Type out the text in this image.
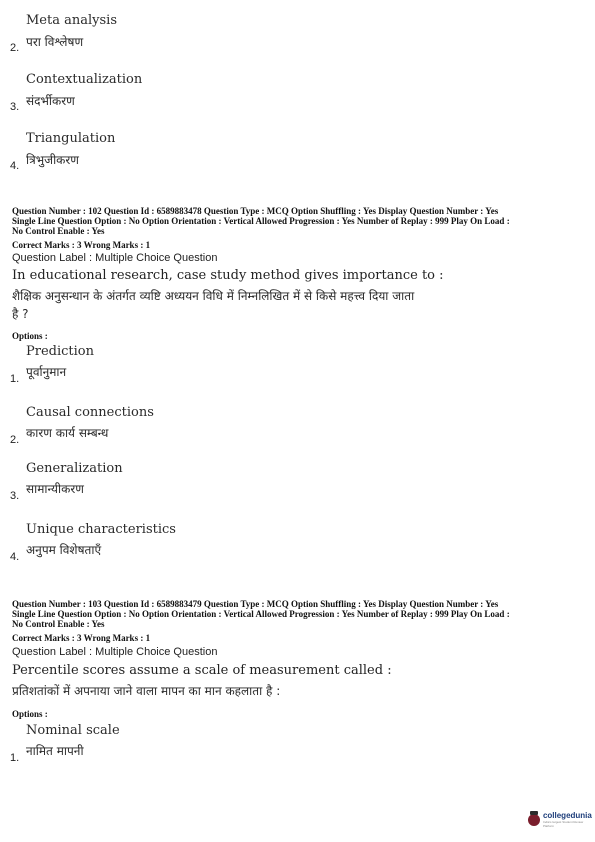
Meta analysis
2. परा विश्लेषण
Contextualization
3. संदर्भीकरण
Triangulation
4. त्रिभुजीकरण
Question Number : 102 Question Id : 6589883478 Question Type : MCQ Option Shuffling : Yes Display Question Number : Yes
Single Line Question Option : No Option Orientation : Vertical Allowed Progression : Yes Number of Replay : 999 Play On Load :
No Control Enable : Yes
Correct Marks : 3 Wrong Marks : 1
Question Label : Multiple Choice Question
In educational research, case study method gives importance to :
शैक्षिक अनुसन्धान के अंतर्गत व्यष्टि अध्ययन विधि में निम्नलिखित में से किसे महत्त्व दिया जाता
है ?
Options :
Prediction
1. पूर्वानुमान
Causal connections
2. कारण कार्य सम्बन्ध
Generalization
3. सामान्यीकरण
Unique characteristics
4. अनुपम विशेषताएँ
Question Number : 103 Question Id : 6589883479 Question Type : MCQ Option Shuffling : Yes Display Question Number : Yes
Single Line Question Option : No Option Orientation : Vertical Allowed Progression : Yes Number of Replay : 999 Play On Load :
No Control Enable : Yes
Correct Marks : 3 Wrong Marks : 1
Question Label : Multiple Choice Question
Percentile scores assume a scale of measurement called :
प्रतिशतांकों में अपनाया जाने वाला मापन का मान कहलाता है :
Options :
Nominal scale
1. नामित मापनी
collegedunia
India's largest Student Review Platform
